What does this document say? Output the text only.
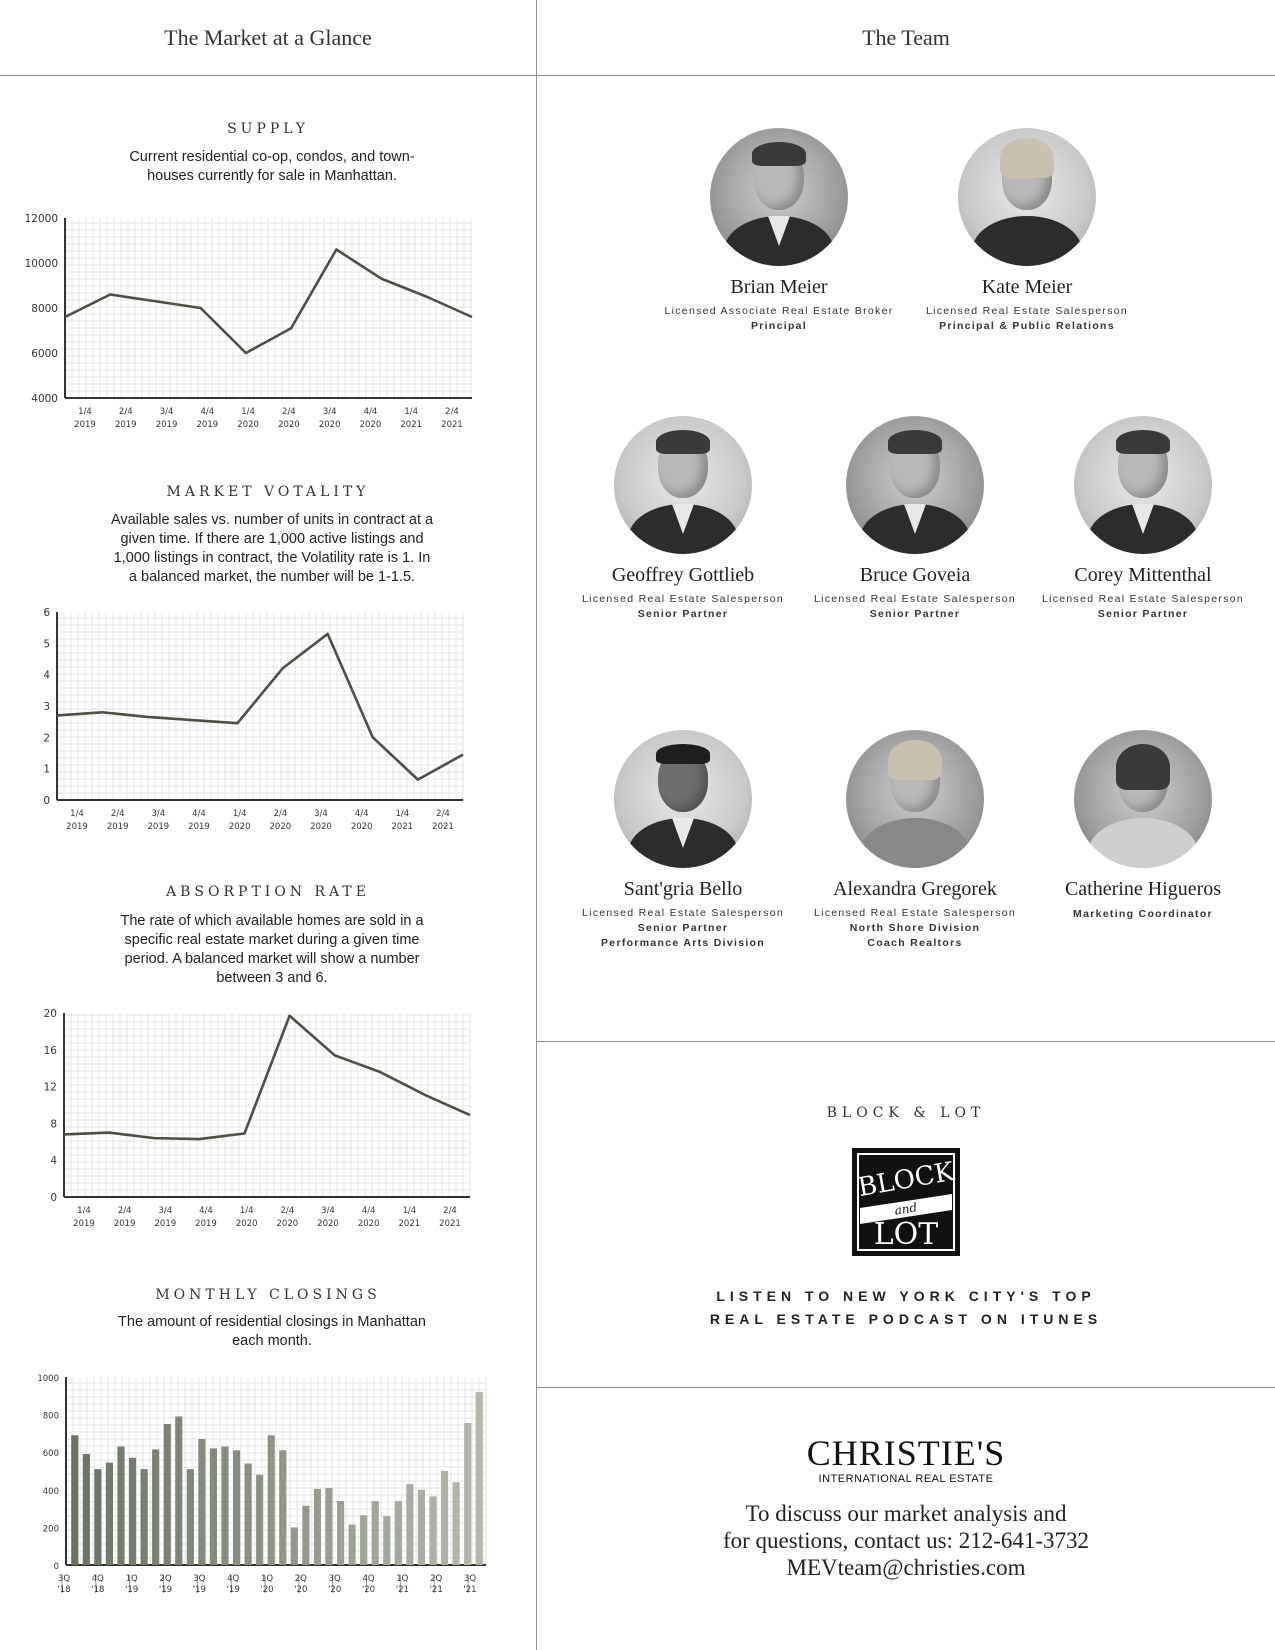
The Market at a Glance	The Team
SUPPLY
Current residential co-op, condos, and town-houses currently for sale in Manhattan.
4000
6000
8000
10000
12000
1/4
2019
2/4
2019
3/4
2019
4/4
2019
1/4
2020
2/4
2020
3/4
2020
4/4
2020
1/4
2021
2/4
2021
MARKET VOTALITY
Available sales vs. number of units in contract at a given time. If there are 1,000 active listings and 1,000 listings in contract, the Volatility rate is 1. In a balanced market, the number will be 1-1.5.
0
1
2
3
4
5
6
1/4
2019
2/4
2019
3/4
2019
4/4
2019
1/4
2020
2/4
2020
3/4
2020
4/4
2020
1/4
2021
2/4
2021
ABSORPTION RATE
The rate of which available homes are sold in a specific real estate market during a given time period. A balanced market will show a number between 3 and 6.
0
4
8
12
16
20
1/4
2019
2/4
2019
3/4
2019
4/4
2019
1/4
2020
2/4
2020
3/4
2020
4/4
2020
1/4
2021
2/4
2021
MONTHLY CLOSINGS
The amount of residential closings in Manhattan each month.
0
200
400
600
800
1000
3Q
'18
4Q
'18
1Q
'19
2Q
'19
3Q
'19
4Q
'19
1Q
'20
2Q
'20
3Q
'20
4Q
'20
1Q
'21
2Q
'21
3Q
'21
Brian Meier
Licensed Associate Real Estate Broker
Principal
Kate Meier
Licensed Real Estate Salesperson
Principal & Public Relations
Geoffrey Gottlieb
Licensed Real Estate Salesperson
Senior Partner
Bruce Goveia
Licensed Real Estate Salesperson
Senior Partner
Corey Mittenthal
Licensed Real Estate Salesperson
Senior Partner
Sant'gria Bello
Licensed Real Estate Salesperson
Senior Partner
Performance Arts Division
Alexandra Gregorek
Licensed Real Estate Salesperson
North Shore Division
Coach Realtors
Catherine Higueros
Marketing Coordinator
BLOCK & LOT
BLOCK
and
LOT
LISTEN TO NEW YORK CITY'S TOP
REAL ESTATE PODCAST ON ITUNES
CHRISTIE'S
INTERNATIONAL REAL ESTATE
To discuss our market analysis and
for questions, contact us: 212-641-3732
MEVteam@christies.com
